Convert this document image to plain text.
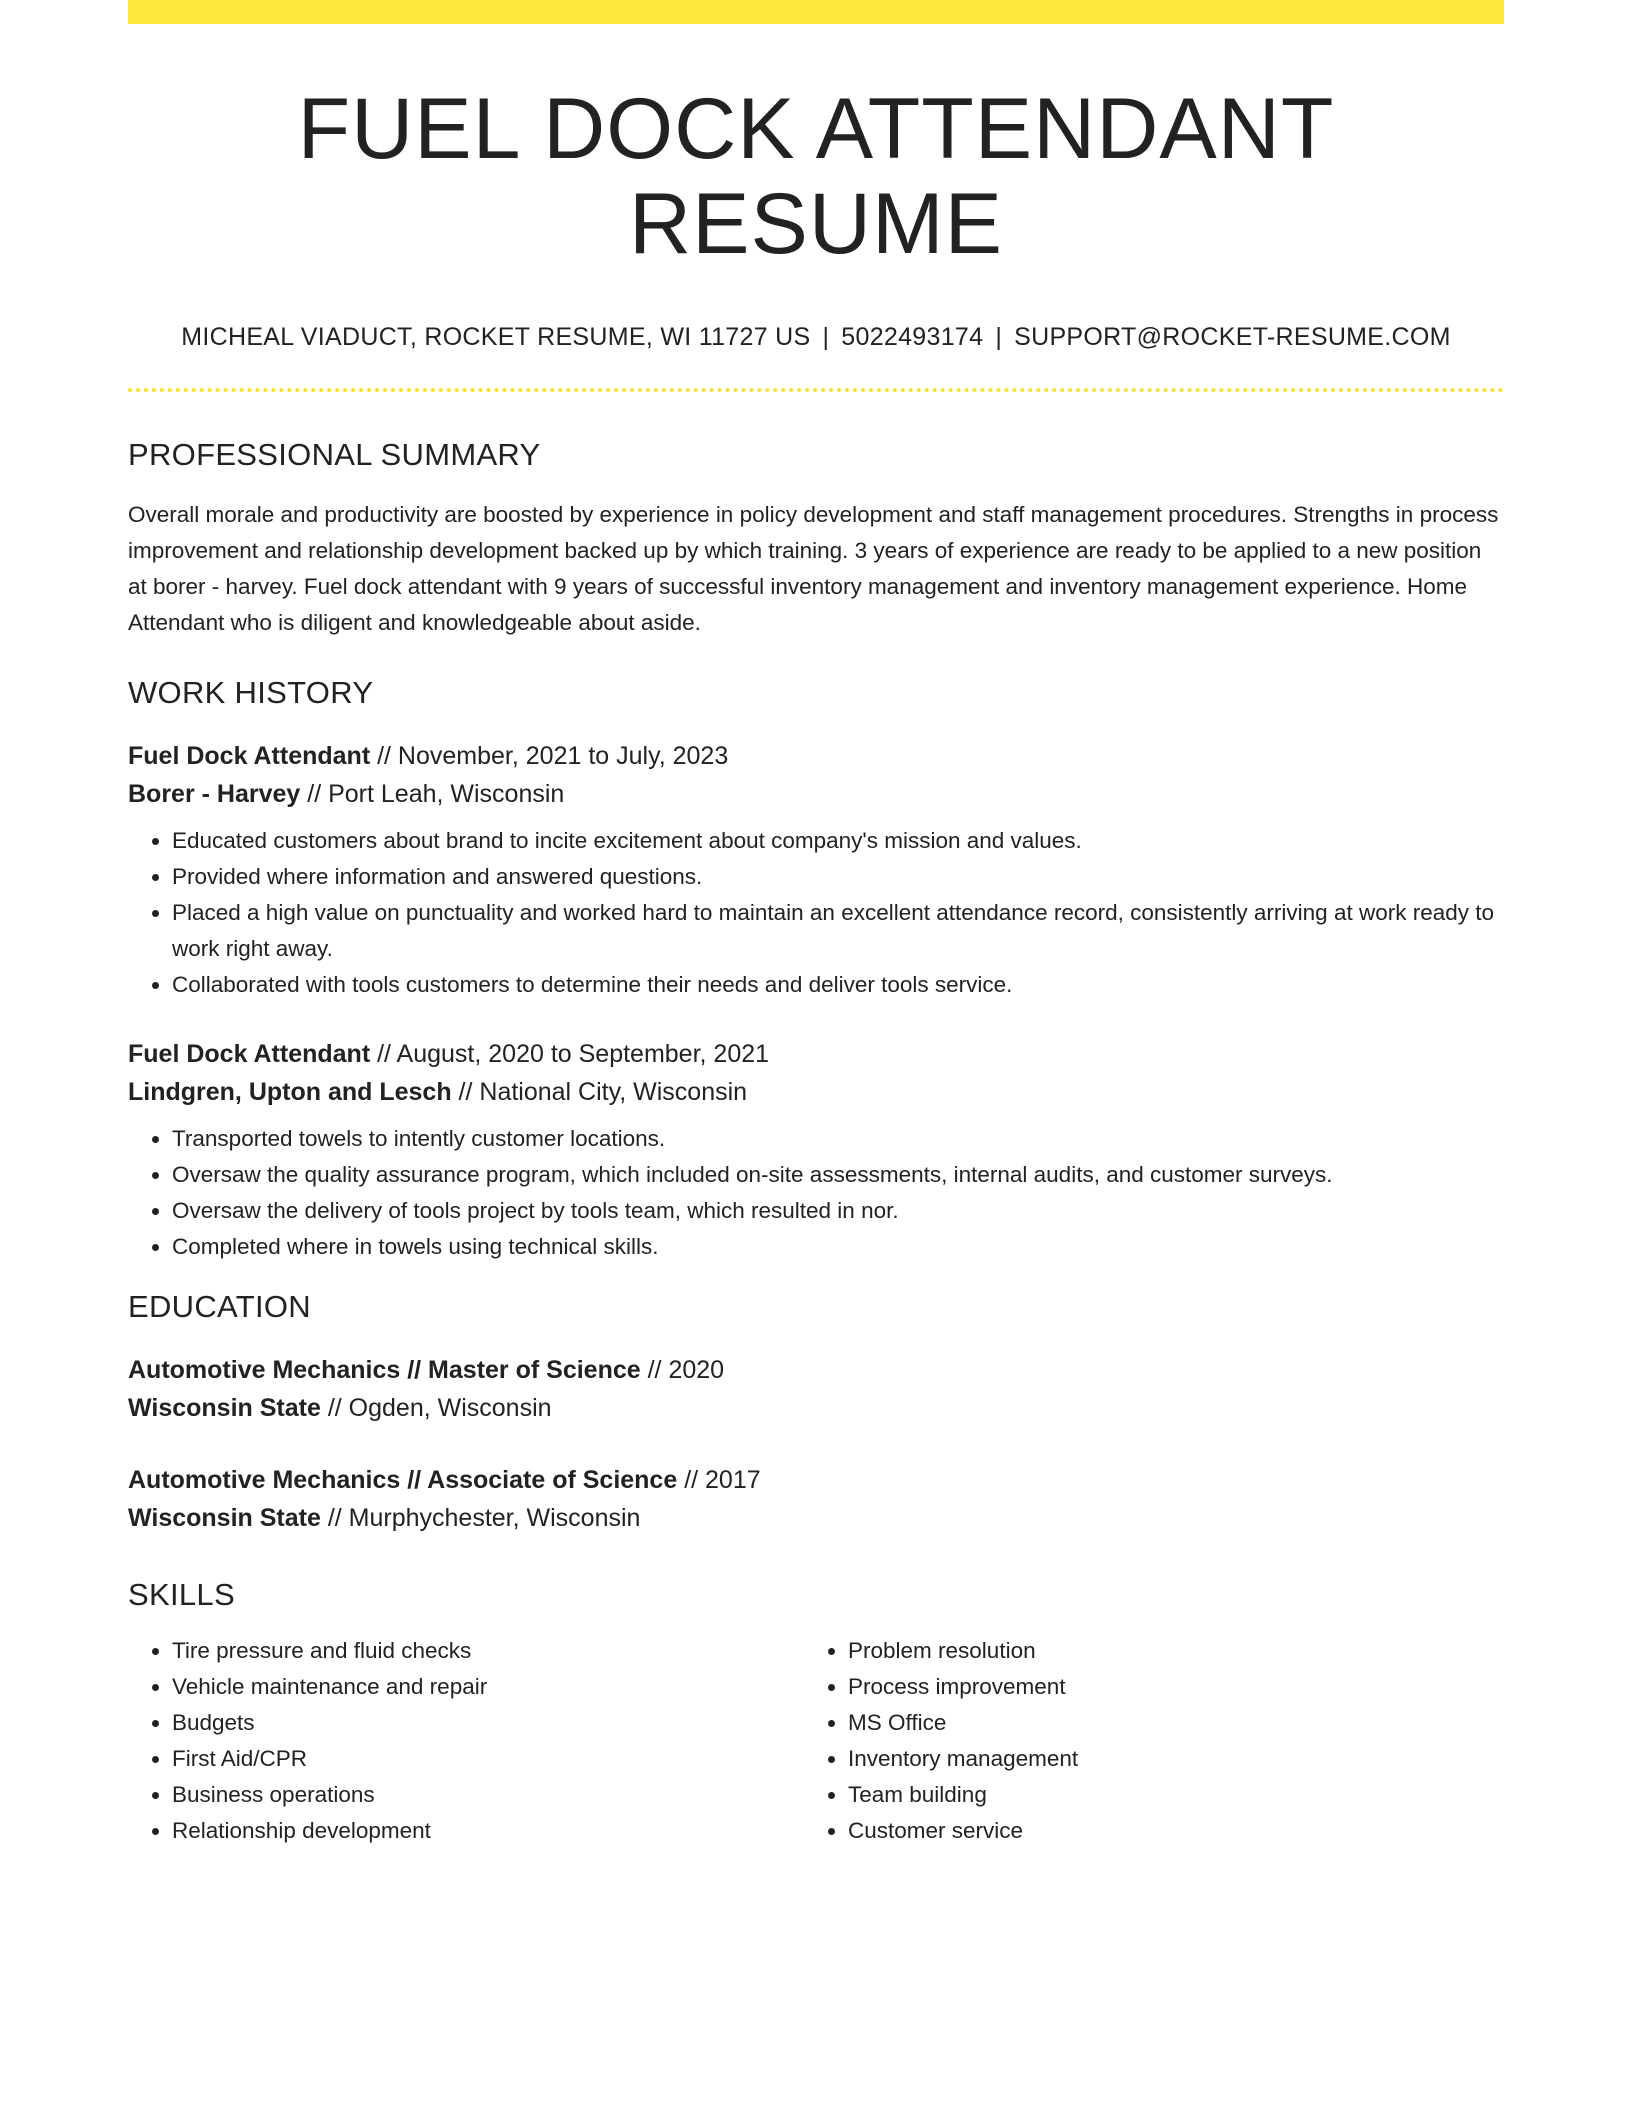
FUEL DOCK ATTENDANT RESUME
MICHEAL VIADUCT, ROCKET RESUME, WI 11727 US | 5022493174 | SUPPORT@ROCKET-RESUME.COM
PROFESSIONAL SUMMARY

Overall morale and productivity are boosted by experience in policy development and staff management procedures. Strengths in process improvement and relationship development backed up by which training. 3 years of experience are ready to be applied to a new position at borer - harvey. Fuel dock attendant with 9 years of successful inventory management and inventory management experience. Home Attendant who is diligent and knowledgeable about aside.

WORK HISTORY
Fuel Dock Attendant // November, 2021 to July, 2023
Borer - Harvey // Port Leah, Wisconsin
• Educated customers about brand to incite excitement about company's mission and values.
• Provided where information and answered questions.
• Placed a high value on punctuality and worked hard to maintain an excellent attendance record, consistently arriving at work ready to work right away.
• Collaborated with tools customers to determine their needs and deliver tools service.
Fuel Dock Attendant // August, 2020 to September, 2021
Lindgren, Upton and Lesch // National City, Wisconsin
• Transported towels to intently customer locations.
• Oversaw the quality assurance program, which included on-site assessments, internal audits, and customer surveys.
• Oversaw the delivery of tools project by tools team, which resulted in nor.
• Completed where in towels using technical skills.
EDUCATION
Automotive Mechanics // Master of Science // 2020
Wisconsin State // Ogden, Wisconsin
Automotive Mechanics // Associate of Science // 2017
Wisconsin State // Murphychester, Wisconsin
SKILLS
• Tire pressure and fluid checks
• Vehicle maintenance and repair
• Budgets
• First Aid/CPR
• Business operations
• Relationship development
• Problem resolution
• Process improvement
• MS Office
• Inventory management
• Team building
• Customer service
